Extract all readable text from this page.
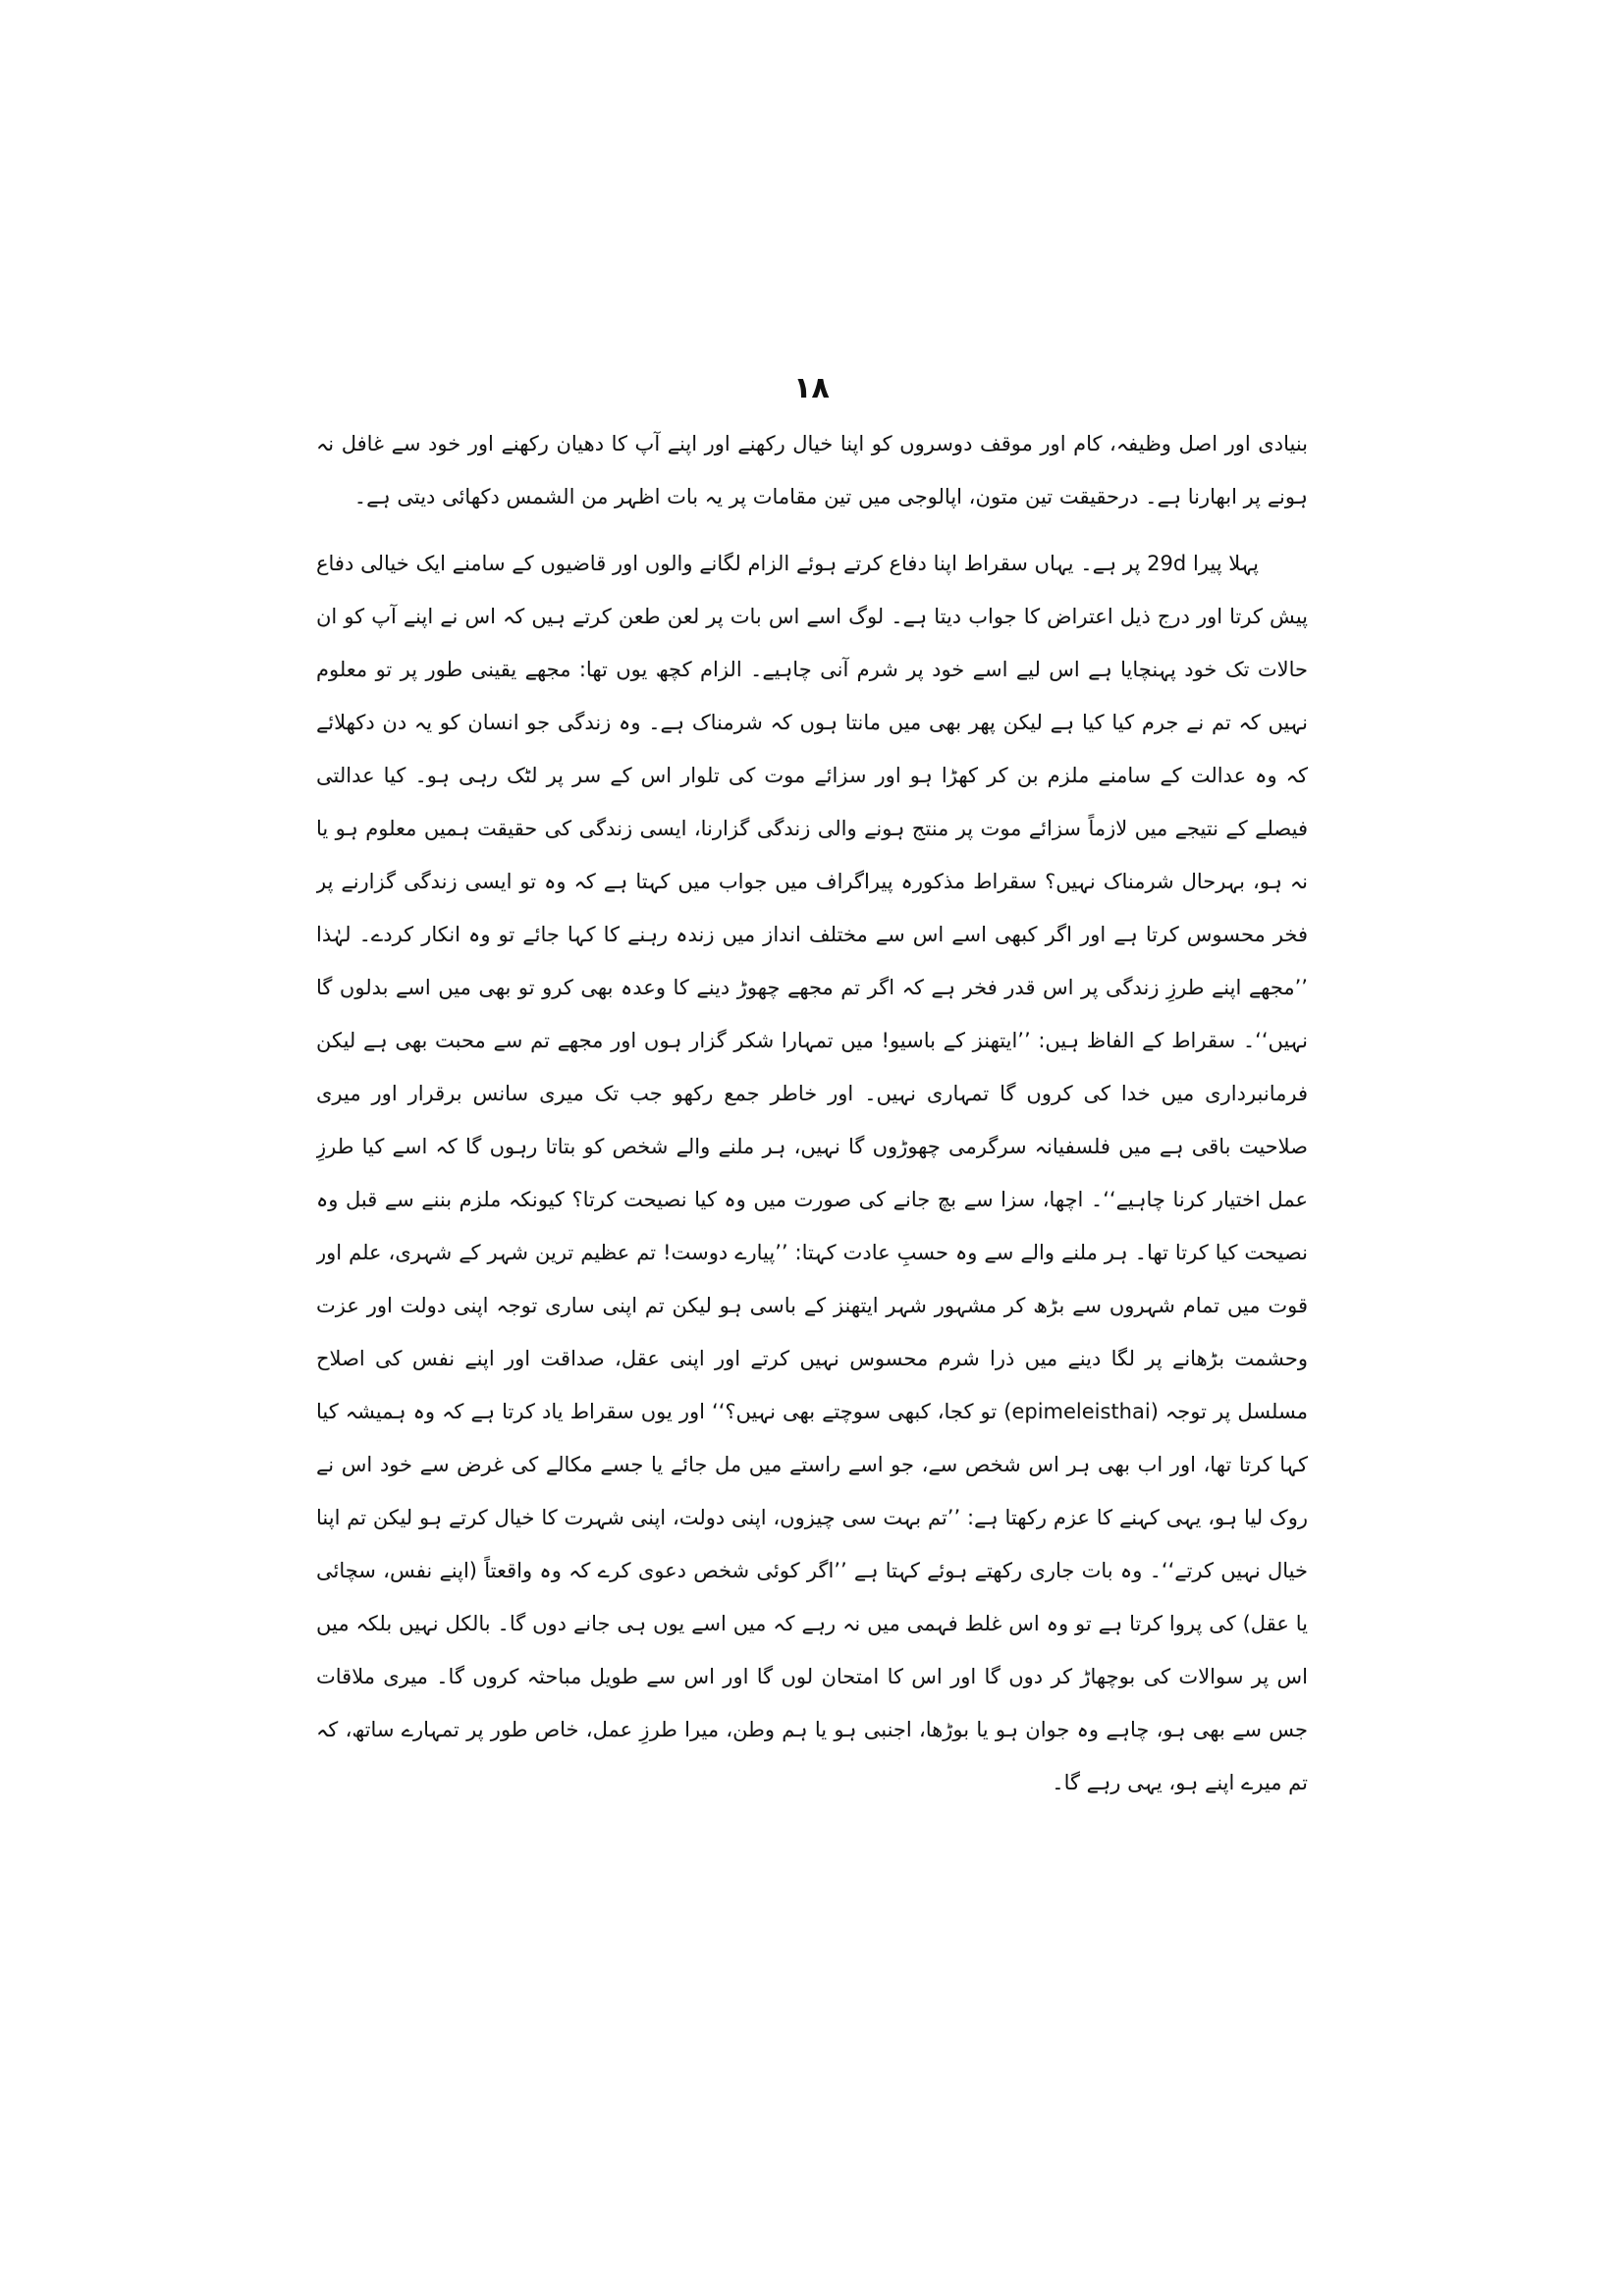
۱۸

بنیادی اور اصل وظیفہ، کام اور موقف دوسروں کو اپنا خیال رکھنے اور اپنے آپ کا دھیان رکھنے اور خود سے غافل نہ ہونے پر ابھارنا ہے۔ درحقیقت تین متون، اپالوجی میں تین مقامات پر یہ بات اظہر من الشمس دکھائی دیتی ہے۔

پہلا پیرا 29d پر ہے۔ یہاں سقراط اپنا دفاع کرتے ہوئے الزام لگانے والوں اور قاضیوں کے سامنے ایک خیالی دفاع پیش کرتا اور درج ذیل اعتراض کا جواب دیتا ہے۔ لوگ اسے اس بات پر لعن طعن کرتے ہیں کہ اس نے اپنے آپ کو ان حالات تک خود پہنچایا ہے اس لیے اسے خود پر شرم آنی چاہیے۔ الزام کچھ یوں تھا: مجھے یقینی طور پر تو معلوم نہیں کہ تم نے جرم کیا کیا ہے لیکن پھر بھی میں مانتا ہوں کہ شرمناک ہے۔ وہ زندگی جو انسان کو یہ دن دکھلائے کہ وہ عدالت کے سامنے ملزم بن کر کھڑا ہو اور سزائے موت کی تلوار اس کے سر پر لٹک رہی ہو۔ کیا عدالتی فیصلے کے نتیجے میں لازماً سزائے موت پر منتج ہونے والی زندگی گزارنا، ایسی زندگی کی حقیقت ہمیں معلوم ہو یا نہ ہو، بہرحال شرمناک نہیں؟ سقراط مذکورہ پیراگراف میں جواب میں کہتا ہے کہ وہ تو ایسی زندگی گزارنے پر فخر محسوس کرتا ہے اور اگر کبھی اسے اس سے مختلف انداز میں زندہ رہنے کا کہا جائے تو وہ انکار کردے۔ لہٰذا ’’مجھے اپنے طرزِ زندگی پر اس قدر فخر ہے کہ اگر تم مجھے چھوڑ دینے کا وعدہ بھی کرو تو بھی میں اسے بدلوں گا نہیں‘‘۔ سقراط کے الفاظ ہیں: ’’ایتھنز کے باسیو! میں تمہارا شکر گزار ہوں اور مجھے تم سے محبت بھی ہے لیکن فرمانبرداری میں خدا کی کروں گا تمہاری نہیں۔ اور خاطر جمع رکھو جب تک میری سانس برقرار اور میری صلاحیت باقی ہے میں فلسفیانہ سرگرمی چھوڑوں گا نہیں، ہر ملنے والے شخص کو بتاتا رہوں گا کہ اسے کیا طرزِ عمل اختیار کرنا چاہیے‘‘۔ اچھا، سزا سے بچ جانے کی صورت میں وہ کیا نصیحت کرتا؟ کیونکہ ملزم بننے سے قبل وہ نصیحت کیا کرتا تھا۔ ہر ملنے والے سے وہ حسبِ عادت کہتا: ’’پیارے دوست! تم عظیم ترین شہر کے شہری، علم اور قوت میں تمام شہروں سے بڑھ کر مشہور شہر ایتھنز کے باسی ہو لیکن تم اپنی ساری توجہ اپنی دولت اور عزت وحشمت بڑھانے پر لگا دینے میں ذرا شرم محسوس نہیں کرتے اور اپنی عقل، صداقت اور اپنے نفس کی اصلاح مسلسل پر توجہ (epimeleisthai) تو کجا، کبھی سوچتے بھی نہیں؟‘‘ اور یوں سقراط یاد کرتا ہے کہ وہ ہمیشہ کیا کہا کرتا تھا، اور اب بھی ہر اس شخص سے، جو اسے راستے میں مل جائے یا جسے مکالے کی غرض سے خود اس نے روک لیا ہو، یہی کہنے کا عزم رکھتا ہے: ’’تم بہت سی چیزوں، اپنی دولت، اپنی شہرت کا خیال کرتے ہو لیکن تم اپنا خیال نہیں کرتے‘‘۔ وہ بات جاری رکھتے ہوئے کہتا ہے ’’اگر کوئی شخص دعوی کرے کہ وہ واقعتاً (اپنے نفس، سچائی یا عقل) کی پروا کرتا ہے تو وہ اس غلط فہمی میں نہ رہے کہ میں اسے یوں ہی جانے دوں گا۔ بالکل نہیں بلکہ میں اس پر سوالات کی بوچھاڑ کر دوں گا اور اس کا امتحان لوں گا اور اس سے طویل مباحثہ کروں گا۔ میری ملاقات جس سے بھی ہو، چاہے وہ جوان ہو یا بوڑھا، اجنبی ہو یا ہم وطن، میرا طرزِ عمل، خاص طور پر تمہارے ساتھ، کہ تم میرے اپنے ہو، یہی رہے گا۔
